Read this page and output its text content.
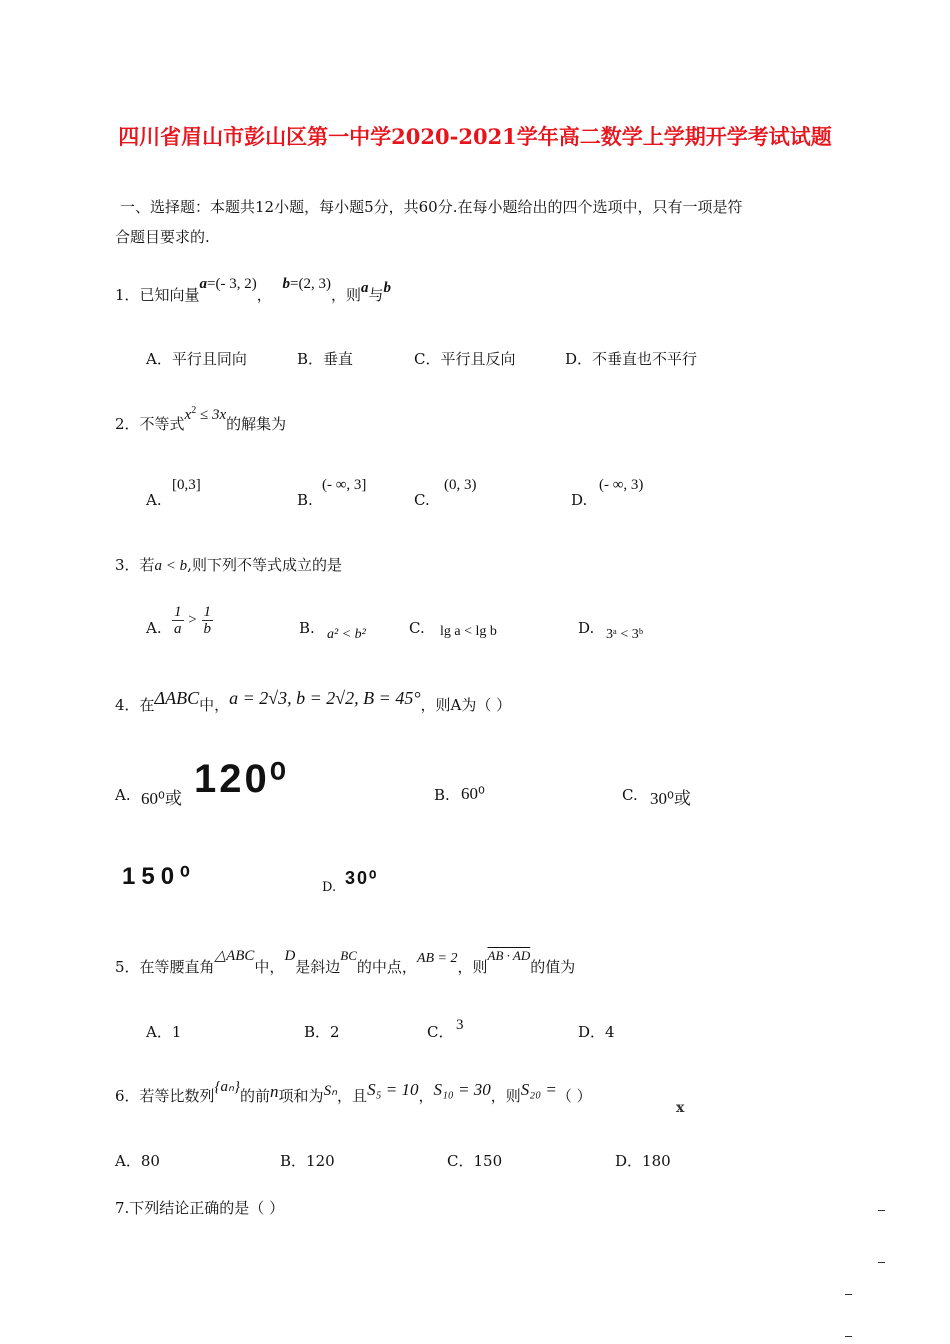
四川省眉山市彭山区第一中学2020-2021学年高二数学上学期开学考试试题
一、选择题：本题共12小题，每小题5分，共60分.在每小题给出的四个选项中，只有一项是符
合题目要求的.
1．已知向量a=(- 3, 2)， b=(2, 3)，则a与b
A．平行且同向	B．垂直	C．平行且反向	D．不垂直也不平行
2．不等式$x^2 \le 3x$的解集为
A.
[0,3]
B.
(- ∞, 3]
C.
(0, 3)
D.
(- ∞, 3)
3．若a < b,则下列不等式成立的是
A. $\frac{1}{a} > \frac{1}{b}$	B. a² < b²	C. lg a < lg b	D. 3ᵃ < 3ᵇ
4．在ΔABC中，a = 2√3, b = 2√2, B = 45°，则A为（ ）
A. 60⁰或 120⁰	B. 60⁰	C. 30⁰或
150⁰	D. 30⁰
5．在等腰直角△ABC中，D是斜边BC的中点，AB = 2，则AB · AD的值为
A．1	B．2	C． 3	D．4
6．若等比数列{aₙ}的前n项和为Sₙ，且S₅ = 10，S₁₀ = 30，则S₂₀ =（ ）
ⅹ
A．80	B．120	C．150	D．180
7.下列结论正确的是（ ）
